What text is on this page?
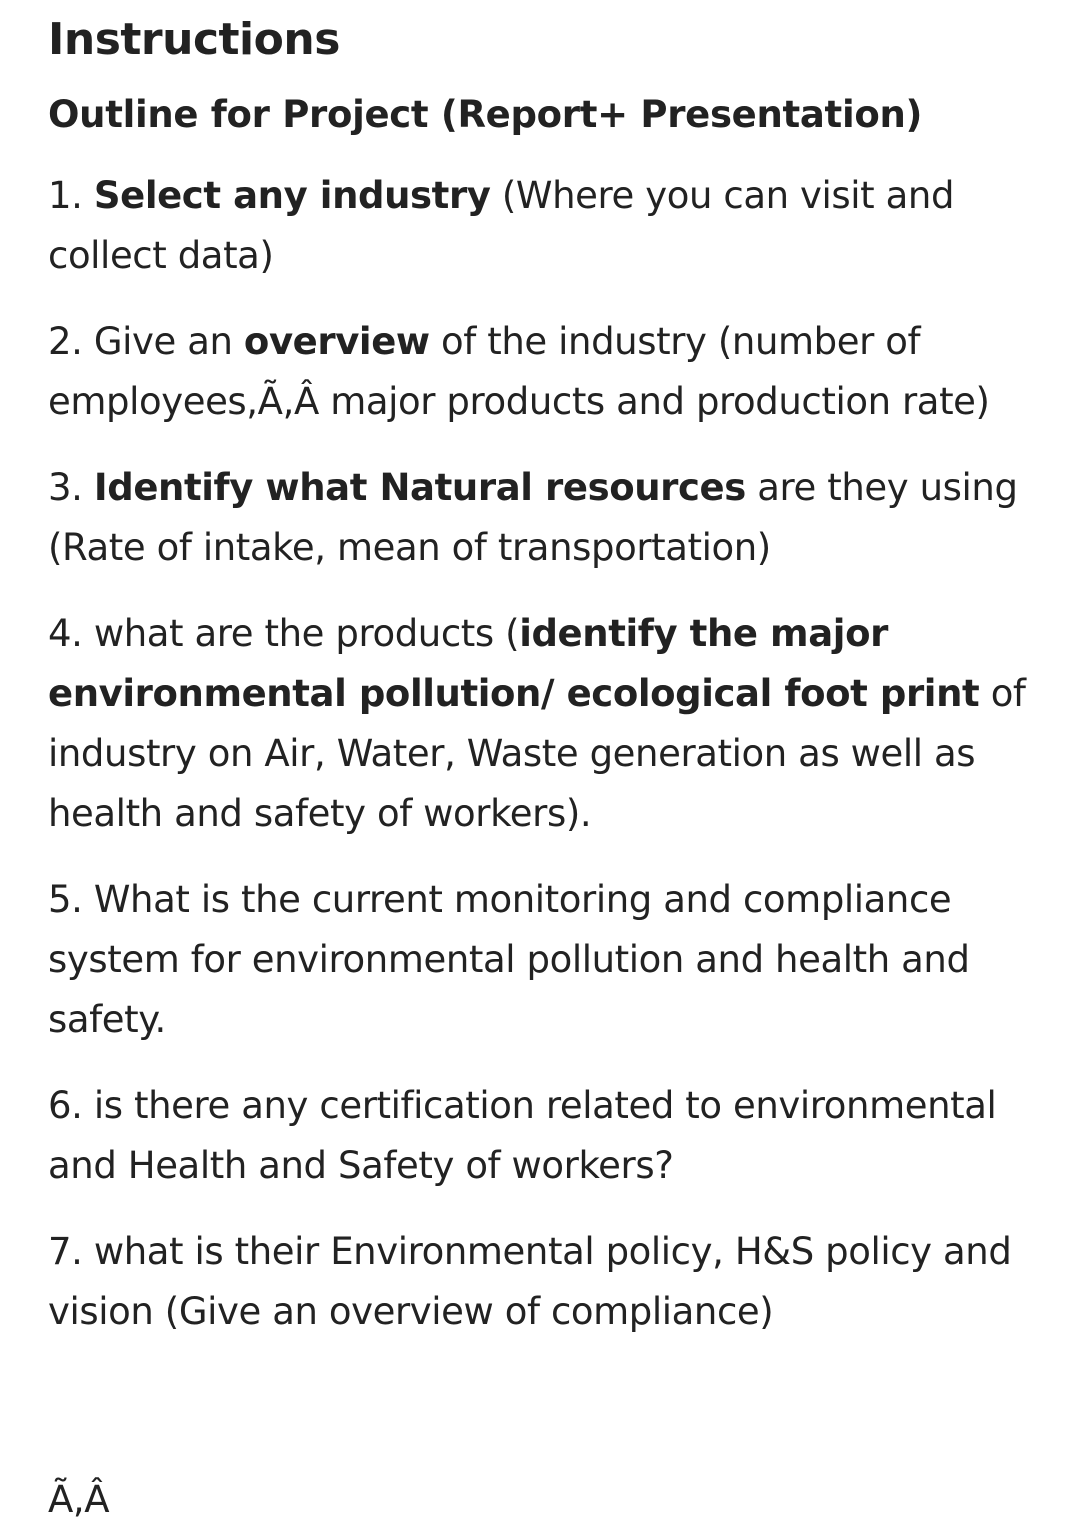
Instructions
Outline for Project (Report+ Presentation)
1. Select any industry (Where you can visit and collect data)
2. Give an overview of the industry (number of employees,Ã,Â major products and production rate)
3. Identify what Natural resources are they using (Rate of intake, mean of transportation)
4. what are the products (identify the major environmental pollution/ ecological foot print of industry on Air, Water, Waste generation as well as health and safety of workers).
5. What is the current monitoring and compliance system for environmental pollution and health and safety.
6. is there any certification related to environmental and Health and Safety of workers?
7. what is their Environmental policy, H&S policy and vision (Give an overview of compliance)
Ã,Â
